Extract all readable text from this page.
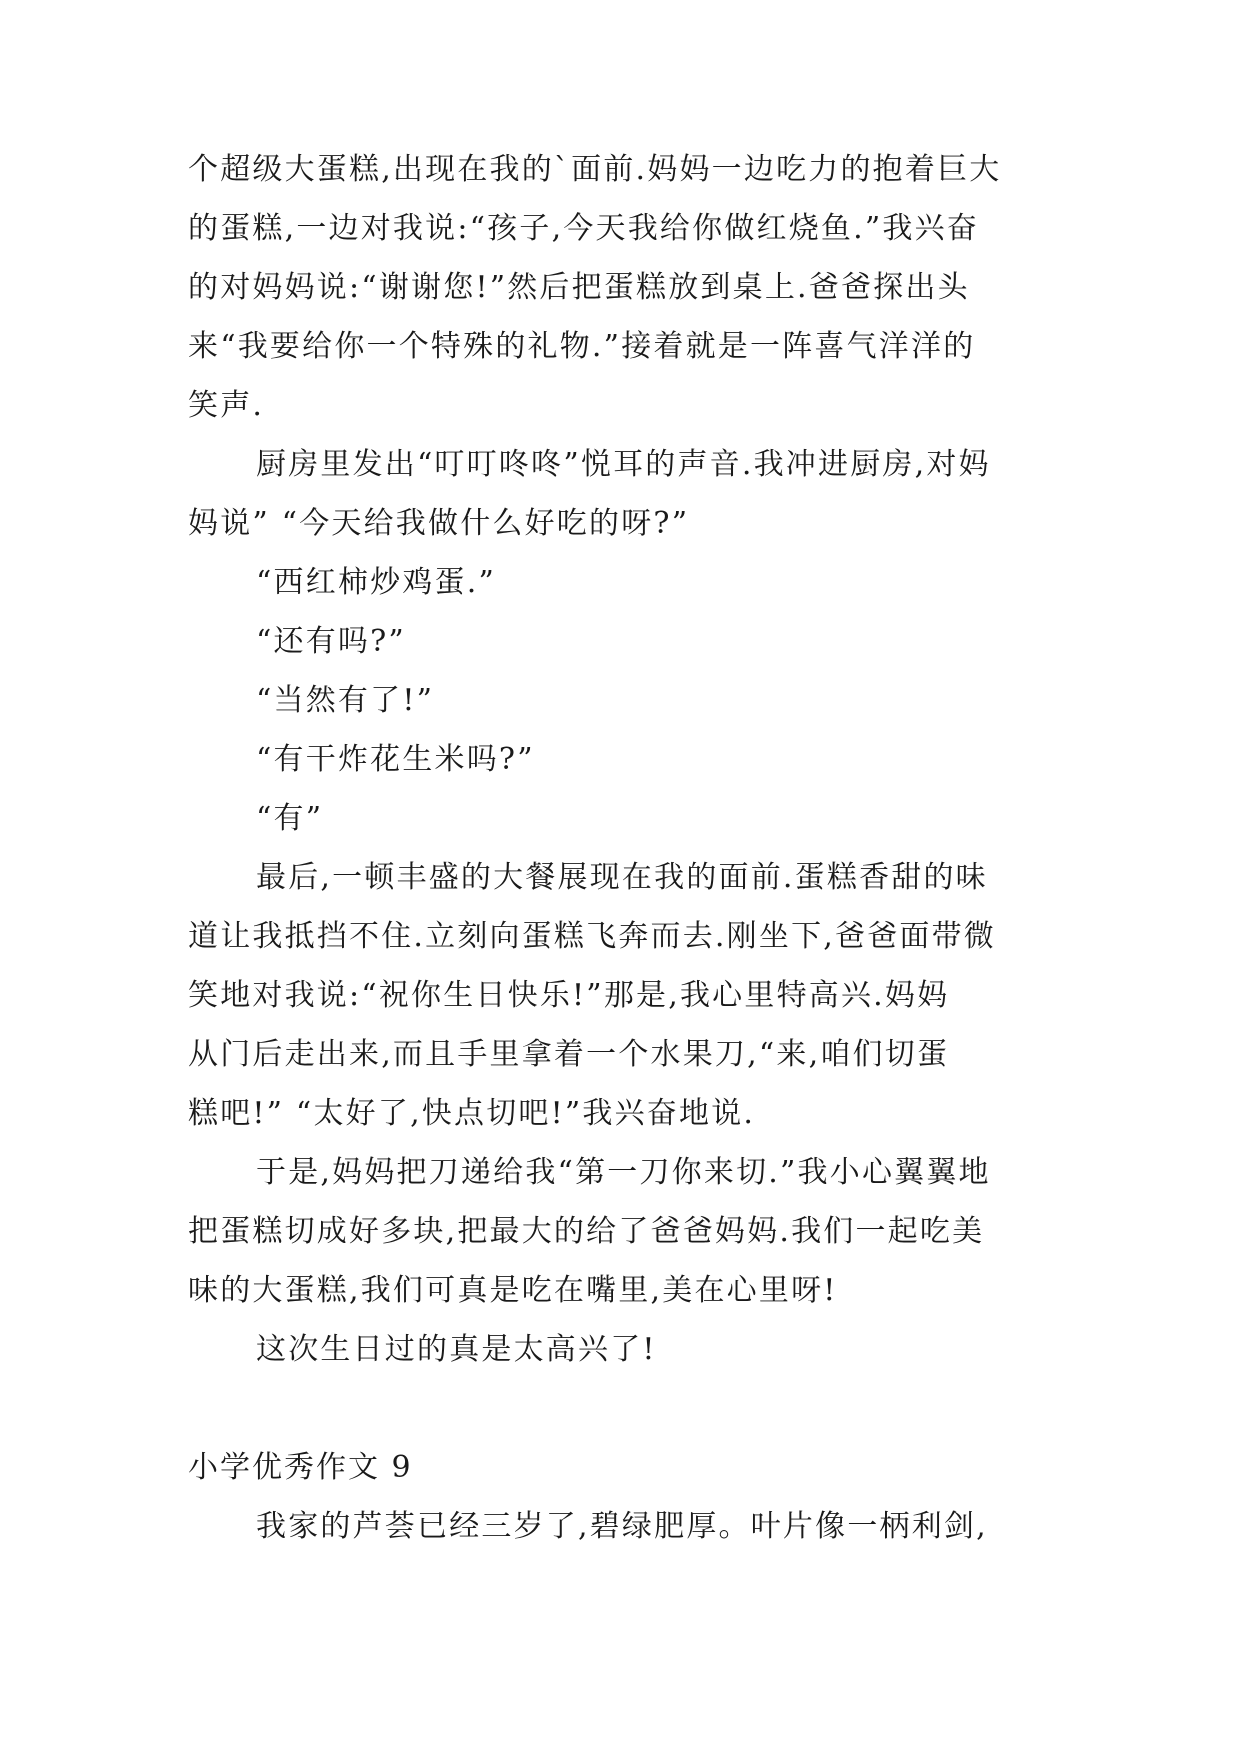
个超级大蛋糕,出现在我的`面前.妈妈一边吃力的抱着巨大
的蛋糕,一边对我说:“孩子,今天我给你做红烧鱼.”我兴奋
的对妈妈说:“谢谢您!”然后把蛋糕放到桌上.爸爸探出头
来“我要给你一个特殊的礼物.”接着就是一阵喜气洋洋的
笑声.
厨房里发出“叮叮咚咚”悦耳的声音.我冲进厨房,对妈
妈说” “今天给我做什么好吃的呀?”
“西红柿炒鸡蛋.”
“还有吗?”
“当然有了!”
“有干炸花生米吗?”
“有”
最后,一顿丰盛的大餐展现在我的面前.蛋糕香甜的味
道让我抵挡不住.立刻向蛋糕飞奔而去.刚坐下,爸爸面带微
笑地对我说:“祝你生日快乐!”那是,我心里特高兴.妈妈
从门后走出来,而且手里拿着一个水果刀,“来,咱们切蛋
糕吧!” “太好了,快点切吧!”我兴奋地说.
于是,妈妈把刀递给我“第一刀你来切.”我小心翼翼地
把蛋糕切成好多块,把最大的给了爸爸妈妈.我们一起吃美
味的大蛋糕,我们可真是吃在嘴里,美在心里呀!
这次生日过的真是太高兴了!
小学优秀作文 9
我家的芦荟已经三岁了,碧绿肥厚。叶片像一柄利剑,
